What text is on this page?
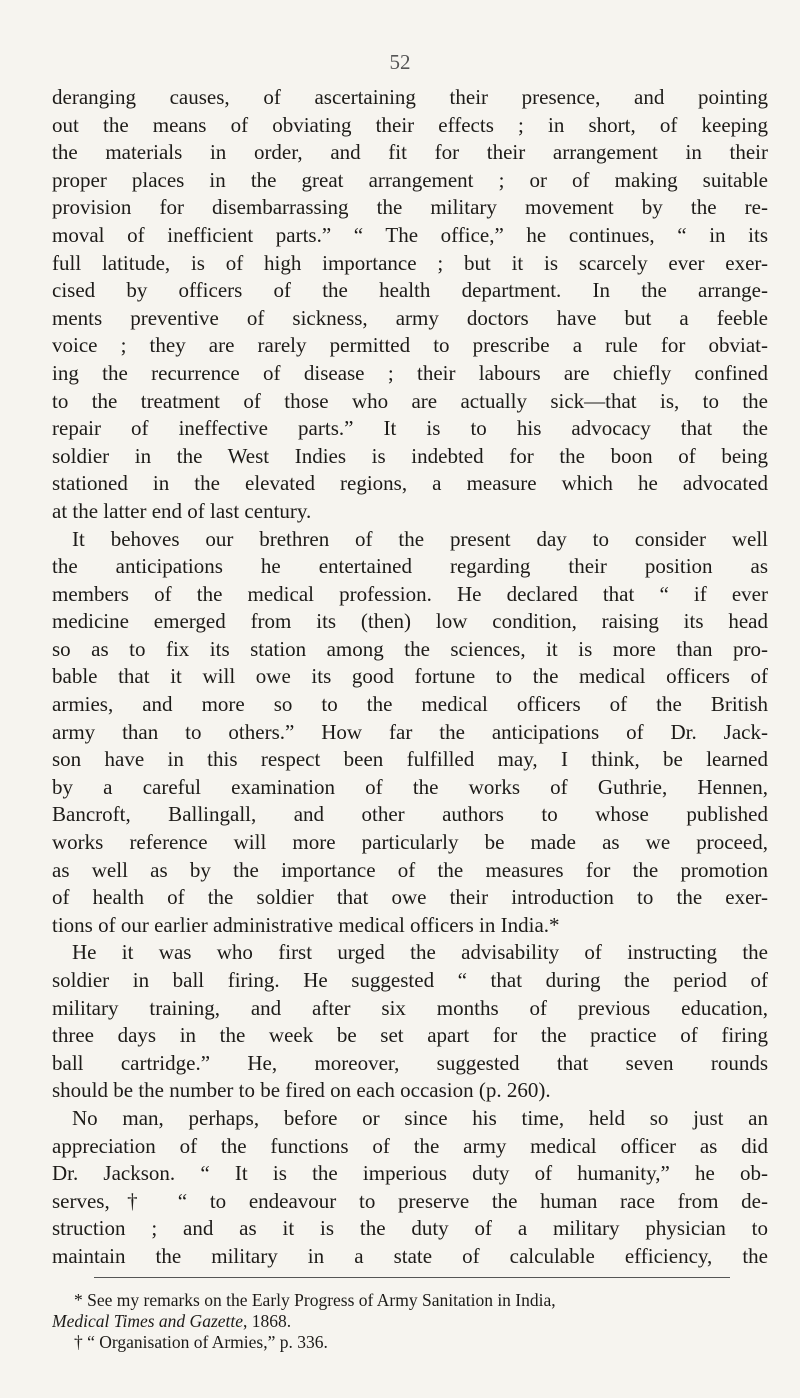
52
deranging causes, of ascertaining their presence, and pointing
out the means of obviating their effects ; in short, of keeping
the materials in order, and fit for their arrangement in their
proper places in the great arrangement ; or of making suitable
provision for disembarrassing the military movement by the re-
moval of inefficient parts.” “ The office,” he continues, “ in its
full latitude, is of high importance ; but it is scarcely ever exer-
cised by officers of the health department. In the arrange-
ments preventive of sickness, army doctors have but a feeble
voice ; they are rarely permitted to prescribe a rule for obviat-
ing the recurrence of disease ; their labours are chiefly confined
to the treatment of those who are actually sick—that is, to the
repair of ineffective parts.” It is to his advocacy that the
soldier in the West Indies is indebted for the boon of being
stationed in the elevated regions, a measure which he advocated
at the latter end of last century.
It behoves our brethren of the present day to consider well
the anticipations he entertained regarding their position as
members of the medical profession. He declared that “ if ever
medicine emerged from its (then) low condition, raising its head
so as to fix its station among the sciences, it is more than pro-
bable that it will owe its good fortune to the medical officers of
armies, and more so to the medical officers of the British
army than to others.” How far the anticipations of Dr. Jack-
son have in this respect been fulfilled may, I think, be learned
by a careful examination of the works of Guthrie, Hennen,
Bancroft, Ballingall, and other authors to whose published
works reference will more particularly be made as we proceed,
as well as by the importance of the measures for the promotion
of health of the soldier that owe their introduction to the exer-
tions of our earlier administrative medical officers in India.*
He it was who first urged the advisability of instructing the
soldier in ball firing. He suggested “ that during the period of
military training, and after six months of previous education,
three days in the week be set apart for the practice of firing
ball cartridge.” He, moreover, suggested that seven rounds
should be the number to be fired on each occasion (p. 260).
No man, perhaps, before or since his time, held so just an
appreciation of the functions of the army medical officer as did
Dr. Jackson. “ It is the imperious duty of humanity,” he ob-
serves,† “ to endeavour to preserve the human race from de-
struction ; and as it is the duty of a military physician to
maintain the military in a state of calculable efficiency, the
* See my remarks on the Early Progress of Army Sanitation in India,
Medical Times and Gazette, 1868.
† “ Organisation of Armies,” p. 336.
